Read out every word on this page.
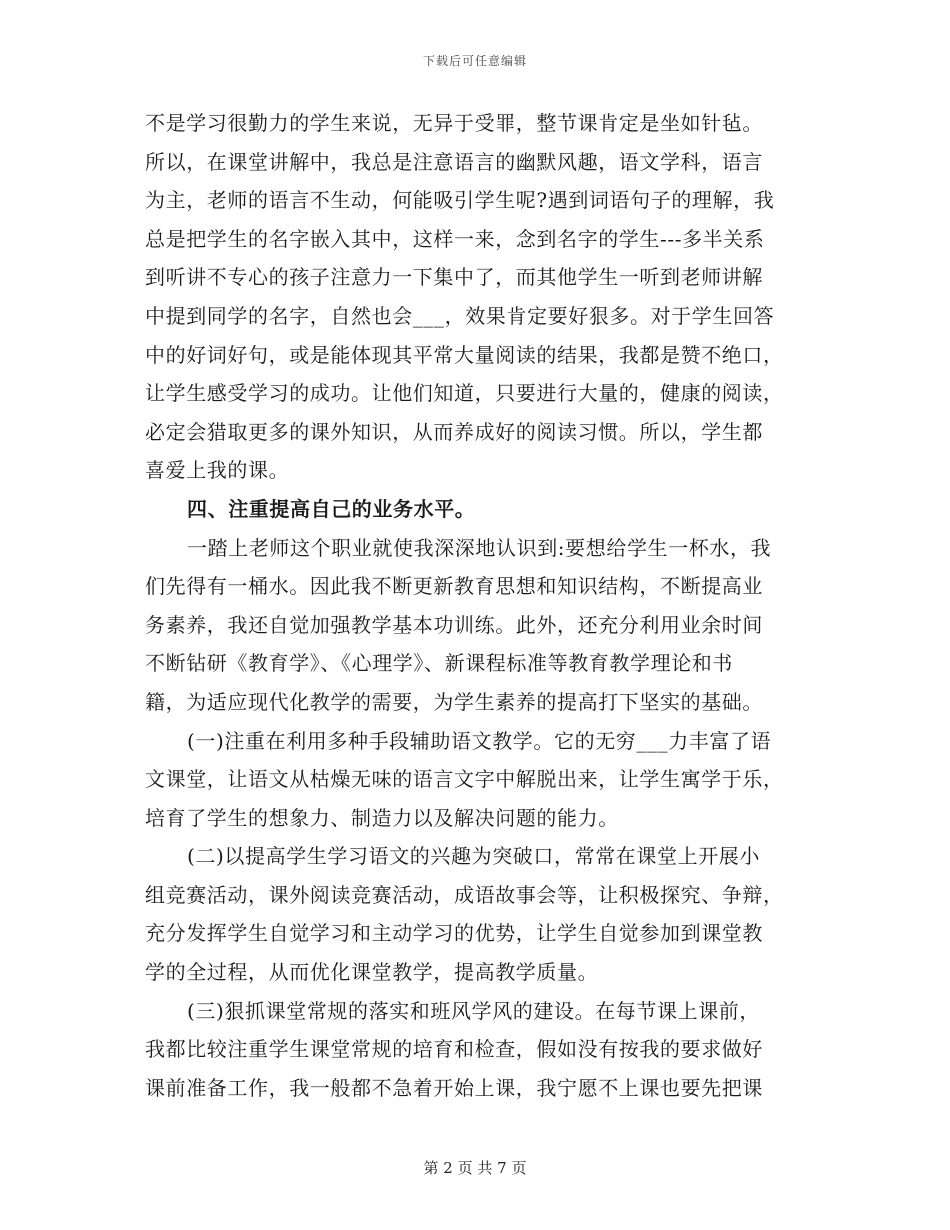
下载后可任意编辑
不是学习很勤力的学生来说，无异于受罪，整节课肯定是坐如针毡。
所以，在课堂讲解中，我总是注意语言的幽默风趣，语文学科，语言
为主，老师的语言不生动，何能吸引学生呢?遇到词语句子的理解，我
总是把学生的名字嵌入其中，这样一来，念到名字的学生---多半关系
到听讲不专心的孩子注意力一下集中了，而其他学生一听到老师讲解
中提到同学的名字，自然也会___，效果肯定要好狠多。对于学生回答
中的好词好句，或是能体现其平常大量阅读的结果，我都是赞不绝口，
让学生感受学习的成功。让他们知道，只要进行大量的，健康的阅读，
必定会猎取更多的课外知识，从而养成好的阅读习惯。所以，学生都
喜爱上我的课。
四、注重提高自己的业务水平。
一踏上老师这个职业就使我深深地认识到:要想给学生一杯水，我
们先得有一桶水。因此我不断更新教育思想和知识结构，不断提高业
务素养，我还自觉加强教学基本功训练。此外，还充分利用业余时间
不断钻研《教育学》、《心理学》、新课程标准等教育教学理论和书
籍，为适应现代化教学的需要，为学生素养的提高打下坚实的基础。
(一)注重在利用多种手段辅助语文教学。它的无穷___力丰富了语
文课堂，让语文从枯燥无味的语言文字中解脱出来，让学生寓学于乐，
培育了学生的想象力、制造力以及解决问题的能力。
(二)以提高学生学习语文的兴趣为突破口，常常在课堂上开展小
组竞赛活动，课外阅读竞赛活动，成语故事会等，让积极探究、争辩，
充分发挥学生自觉学习和主动学习的优势，让学生自觉参加到课堂教
学的全过程，从而优化课堂教学，提高教学质量。
(三)狠抓课堂常规的落实和班风学风的建设。在每节课上课前，
我都比较注重学生课堂常规的培育和检查，假如没有按我的要求做好
课前准备工作，我一般都不急着开始上课，我宁愿不上课也要先把课
第 2 页 共 7 页
